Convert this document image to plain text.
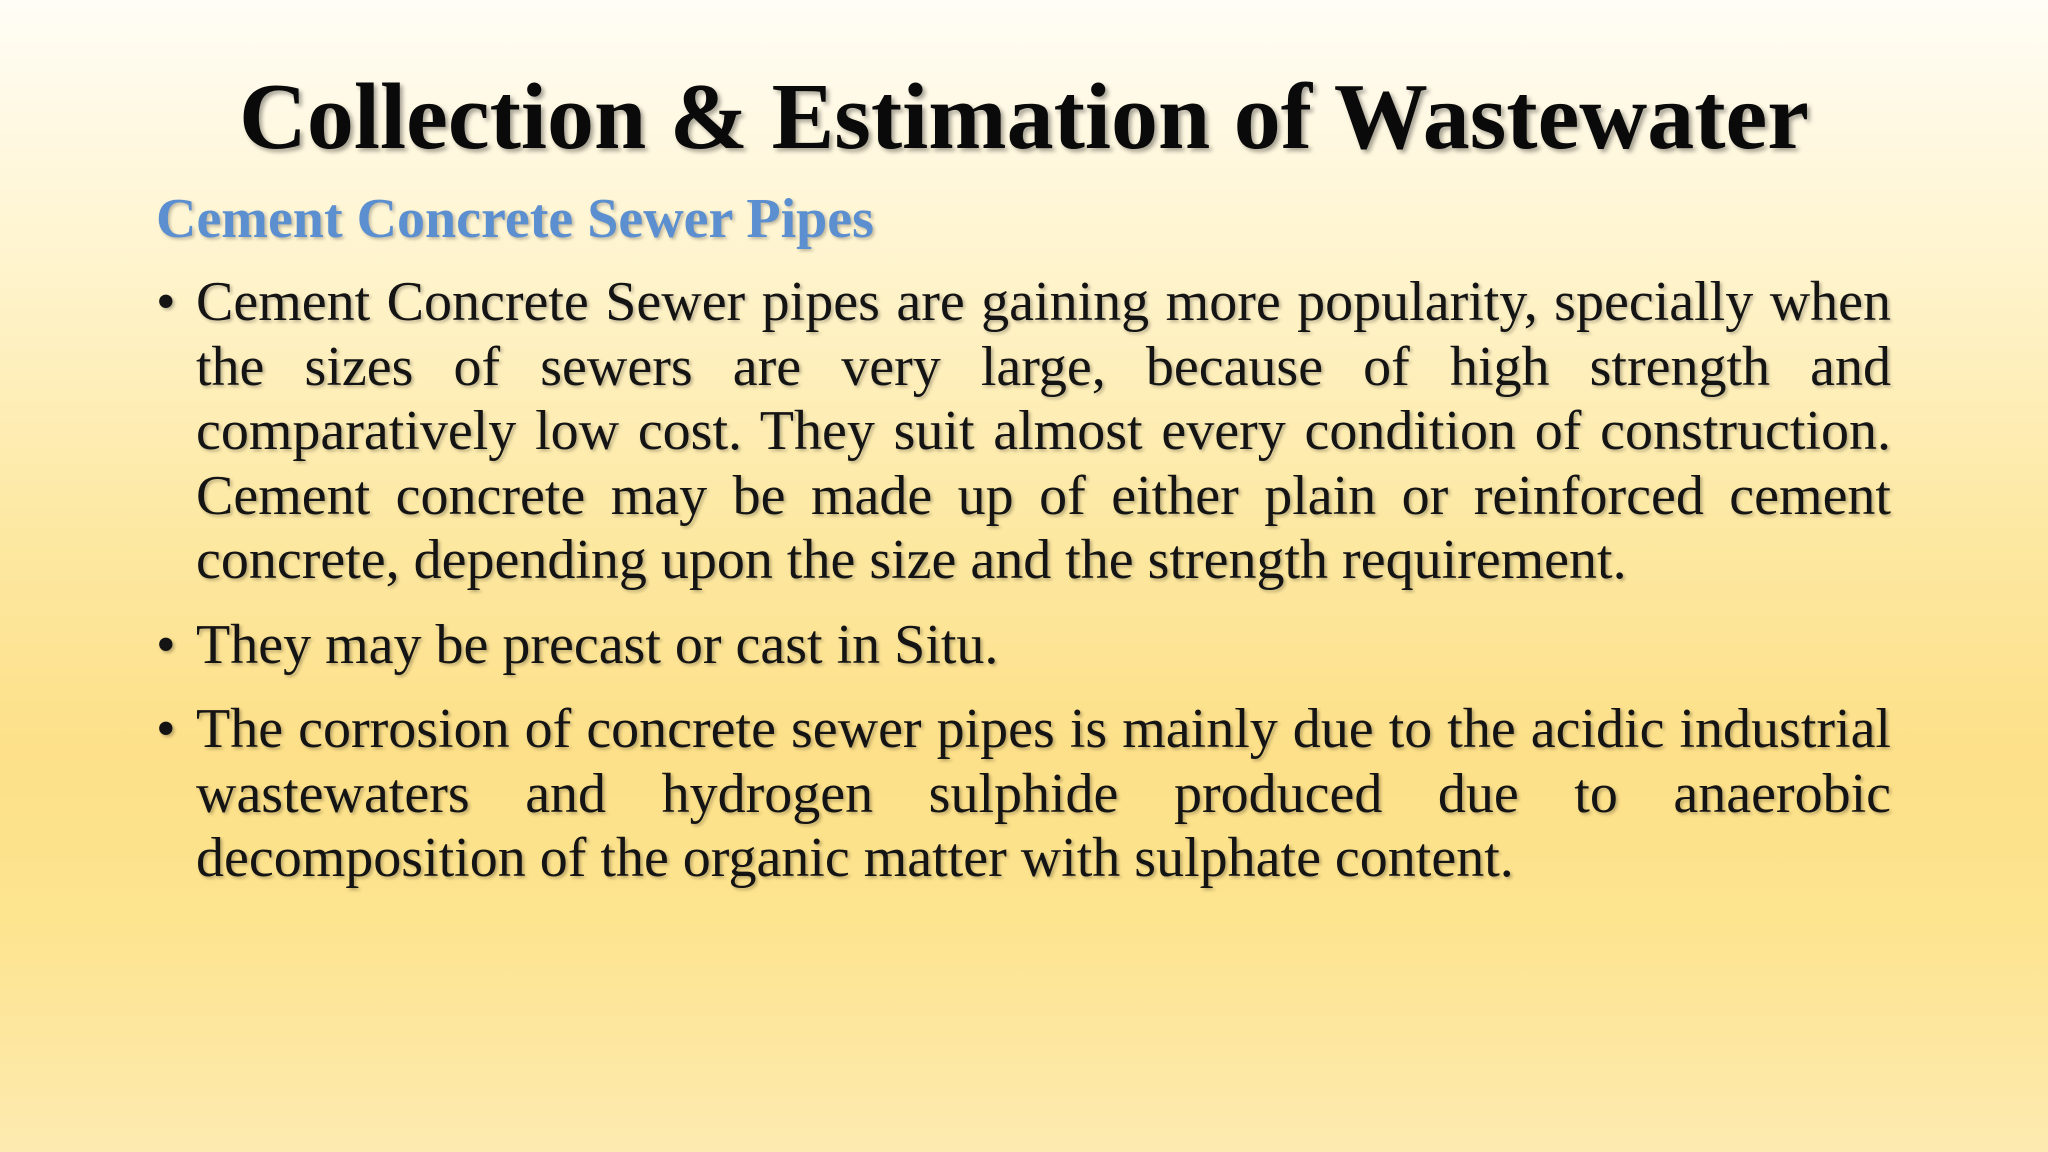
Collection & Estimation of Wastewater
Cement Concrete Sewer Pipes
• Cement Concrete Sewer pipes are gaining more popularity, specially when the sizes of sewers are very large, because of high strength and comparatively low cost. They suit almost every condition of construction. Cement concrete may be made up of either plain or reinforced cement concrete, depending upon the size and the strength requirement.
• They may be precast or cast in Situ.
• The corrosion of concrete sewer pipes is mainly due to the acidic industrial wastewaters and hydrogen sulphide produced due to anaerobic decomposition of the organic matter with sulphate content.
